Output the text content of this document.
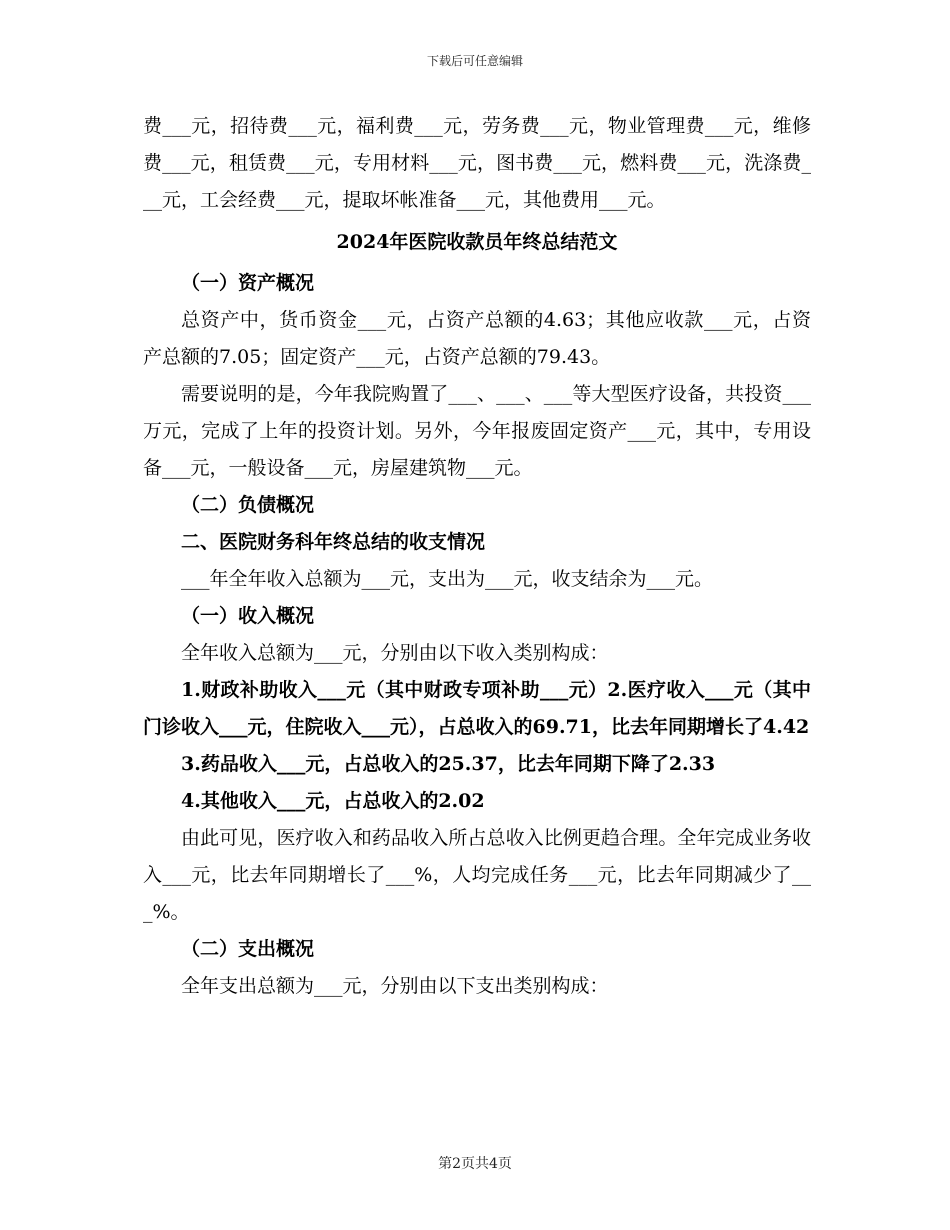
下载后可任意编辑

费___元，招待费___元，福利费___元，劳务费___元，物业管理费___元，维修费___元，租赁费___元，专用材料___元，图书费___元，燃料费___元，洗涤费___元，工会经费___元，提取坏帐准备___元，其他费用___元。

2024年医院收款员年终总结范文

（一）资产概况

总资产中，货币资金___元，占资产总额的4.63；其他应收款___元，占资产总额的7.05；固定资产___元，占资产总额的79.43。

需要说明的是，今年我院购置了___、___、___等大型医疗设备，共投资___万元，完成了上年的投资计划。另外，今年报废固定资产___元，其中，专用设备___元，一般设备___元，房屋建筑物___元。

（二）负债概况

二、医院财务科年终总结的收支情况

___年全年收入总额为___元，支出为___元，收支结余为___元。

（一）收入概况

全年收入总额为___元，分别由以下收入类别构成：

1.财政补助收入___元（其中财政专项补助___元）2.医疗收入___元（其中门诊收入___元，住院收入___元），占总收入的69.71，比去年同期增长了4.42

3.药品收入___元，占总收入的25.37，比去年同期下降了2.33

4.其他收入___元，占总收入的2.02

由此可见，医疗收入和药品收入所占总收入比例更趋合理。全年完成业务收入___元，比去年同期增长了___%，人均完成任务___元，比去年同期减少了___%。

（二）支出概况

全年支出总额为___元，分别由以下支出类别构成：

第2页共4页
